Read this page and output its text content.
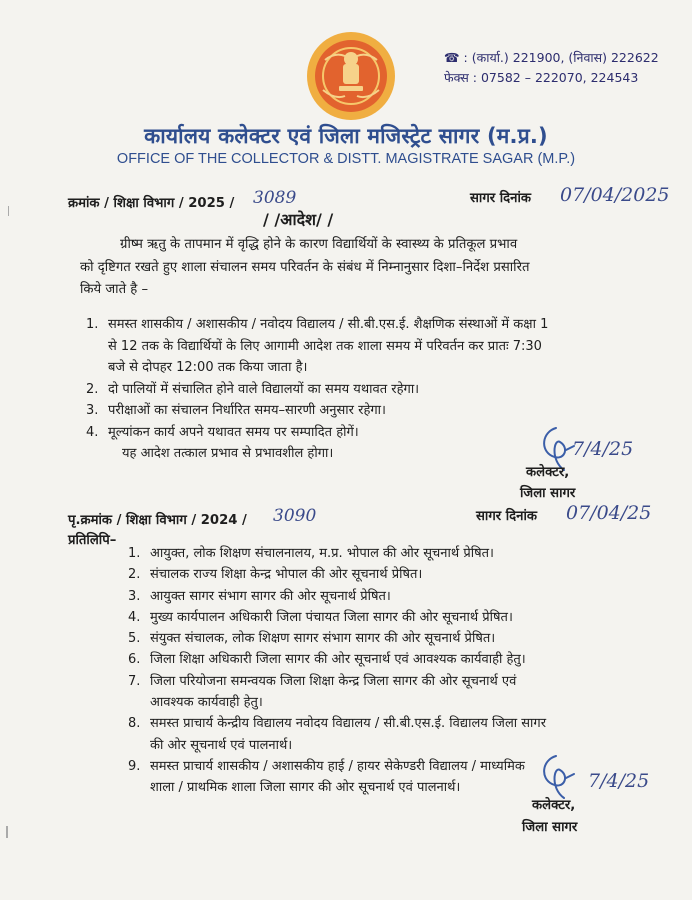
☎ : (कार्या.) 221900, (निवास) 222622
फेक्स : 07582 – 222070, 224543
कार्यालय कलेक्टर एवं जिला मजिस्ट्रेट सागर (म.प्र.)
OFFICE OF THE COLLECTOR & DISTT. MAGISTRATE SAGAR (M.P.)
क्रमांक / शिक्षा विभाग / 2025 / 3089	सागर दिनांक 07/04/2025
/ /आदेश/ /
ग्रीष्म ऋतु के तापमान में वृद्धि होने के कारण विद्यार्थियों के स्वास्थ्य के प्रतिकूल प्रभाव
को दृष्टिगत रखते हुए शाला संचालन समय परिवर्तन के संबंध में निम्नानुसार दिशा–निर्देश प्रसारित
किये जाते है –
1. समस्त शासकीय / अशासकीय / नवोदय विद्यालय / सी.बी.एस.ई. शैक्षणिक संस्थाओं में कक्षा 1
से 12 तक के विद्यार्थियों के लिए आगामी आदेश तक शाला समय में परिवर्तन कर प्रातः 7:30
बजे से दोपहर 12:00 तक किया जाता है।
2. दो पालियों में संचालित होने वाले विद्यालयों का समय यथावत रहेगा।
3. परीक्षाओं का संचालन निर्धारित समय–सारणी अनुसार रहेगा।
4. मूल्यांकन कार्य अपने यथावत समय पर सम्पादित होगें।
यह आदेश तत्काल प्रभाव से प्रभावशील होगा।	7/4/25
कलेक्टर,
जिला सागर
पृ.क्रमांक / शिक्षा विभाग / 2024 / 3090	सागर दिनांक 07/04/25
प्रतिलिपि–
1. आयुक्त, लोक शिक्षण संचालनालय, म.प्र. भोपाल की ओर सूचनार्थ प्रेषित।
2. संचालक राज्य शिक्षा केन्द्र भोपाल की ओर सूचनार्थ प्रेषित।
3. आयुक्त सागर संभाग सागर की ओर सूचनार्थ प्रेषित।
4. मुख्य कार्यपालन अधिकारी जिला पंचायत जिला सागर की ओर सूचनार्थ प्रेषित।
5. संयुक्त संचालक, लोक शिक्षण सागर संभाग सागर की ओर सूचनार्थ प्रेषित।
6. जिला शिक्षा अधिकारी जिला सागर की ओर सूचनार्थ एवं आवश्यक कार्यवाही हेतु।
7. जिला परियोजना समन्वयक जिला शिक्षा केन्द्र जिला सागर की ओर सूचनार्थ एवं
आवश्यक कार्यवाही हेतु।
8. समस्त प्राचार्य केन्द्रीय विद्यालय नवोदय विद्यालय / सी.बी.एस.ई. विद्यालय जिला सागर
की ओर सूचनार्थ एवं पालनार्थ।
9. समस्त प्राचार्य शासकीय / अशासकीय हाई / हायर सेकेण्डरी विद्यालय / माध्यमिक
शाला / प्राथमिक शाला जिला सागर की ओर सूचनार्थ एवं पालनार्थ।	7/4/25
कलेक्टर,
जिला सागर
